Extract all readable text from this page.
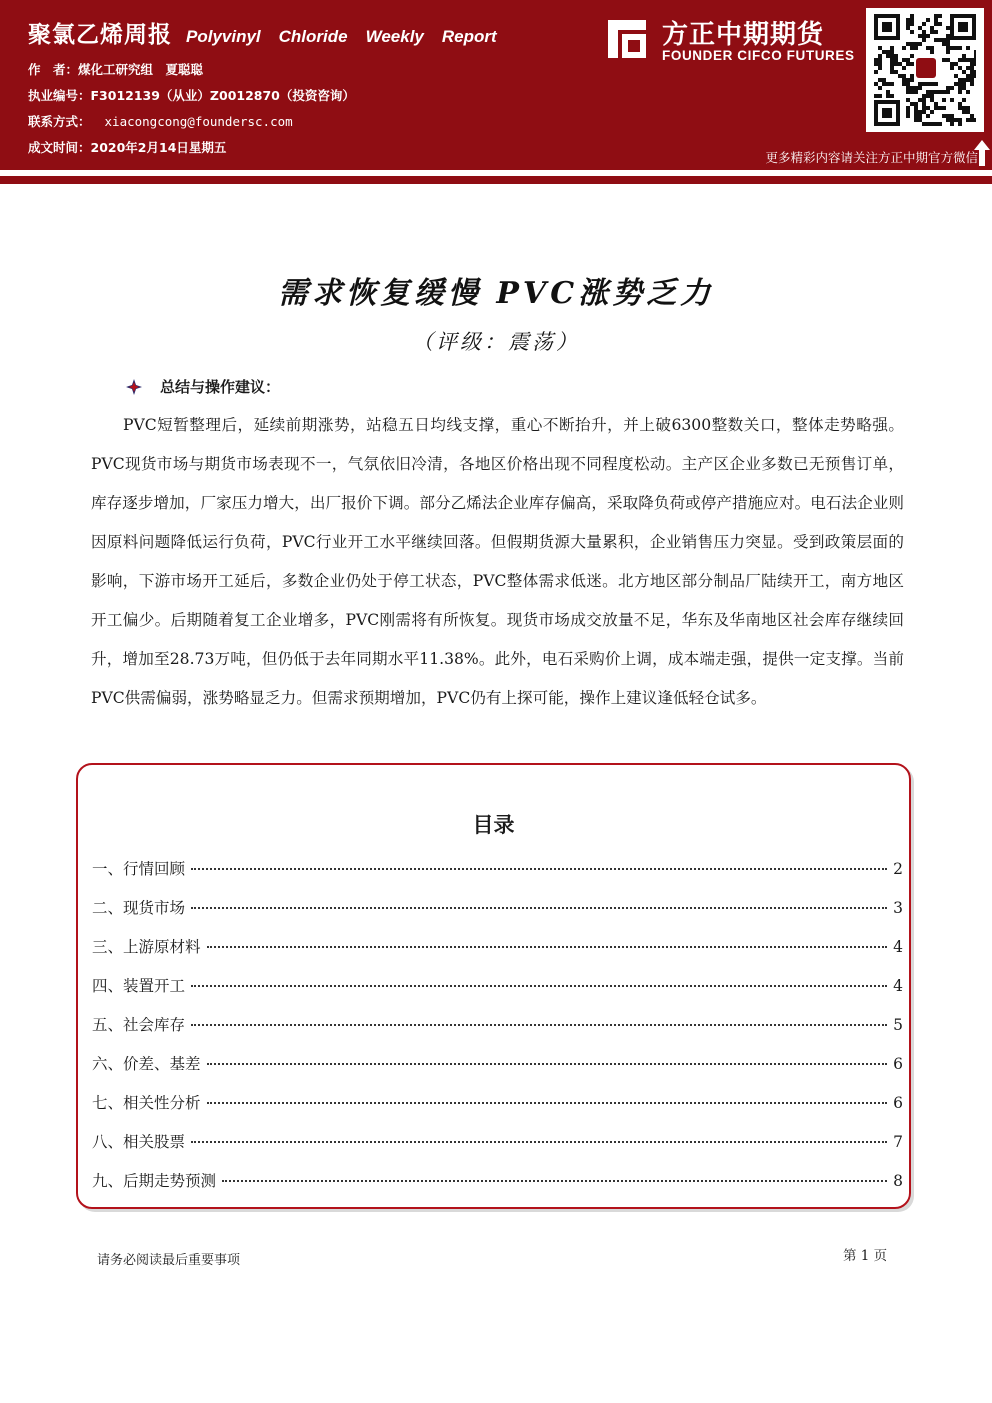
聚氯乙烯周报 Polyvinyl Chloride Weekly Report
作　者：煤化工研究组　夏聪聪
执业编号：F3012139（从业）Z0012870（投资咨询）
联系方式： xiacongcong@foundersc.com
成文时间：2020年2月14日星期五
方正中期期货
FOUNDER CIFCO FUTURES
更多精彩内容请关注方正中期官方微信
需求恢复缓慢 PVC涨势乏力
（评级：震荡）
总结与操作建议：
PVC短暂整理后，延续前期涨势，站稳五日均线支撑，重心不断抬升，并上破6300整数关口，整体走势略强。PVC现货市场与期货市场表现不一，气氛依旧冷清，各地区价格出现不同程度松动。主产区企业多数已无预售订单，库存逐步增加，厂家压力增大，出厂报价下调。部分乙烯法企业库存偏高，采取降负荷或停产措施应对。电石法企业则因原料问题降低运行负荷，PVC行业开工水平继续回落。但假期货源大量累积，企业销售压力突显。受到政策层面的影响，下游市场开工延后，多数企业仍处于停工状态，PVC整体需求低迷。北方地区部分制品厂陆续开工，南方地区开工偏少。后期随着复工企业增多，PVC刚需将有所恢复。现货市场成交放量不足，华东及华南地区社会库存继续回升，增加至28.73万吨，但仍低于去年同期水平11.38%。此外，电石采购价上调，成本端走强，提供一定支撑。当前PVC供需偏弱，涨势略显乏力。但需求预期增加，PVC仍有上探可能，操作上建议逢低轻仓试多。
目录
一、行情回顾	2
二、现货市场	3
三、上游原材料	4
四、装置开工	4
五、社会库存	5
六、价差、基差	6
七、相关性分析	6
八、相关股票	7
九、后期走势预测	8
请务必阅读最后重要事项	第 1 页
